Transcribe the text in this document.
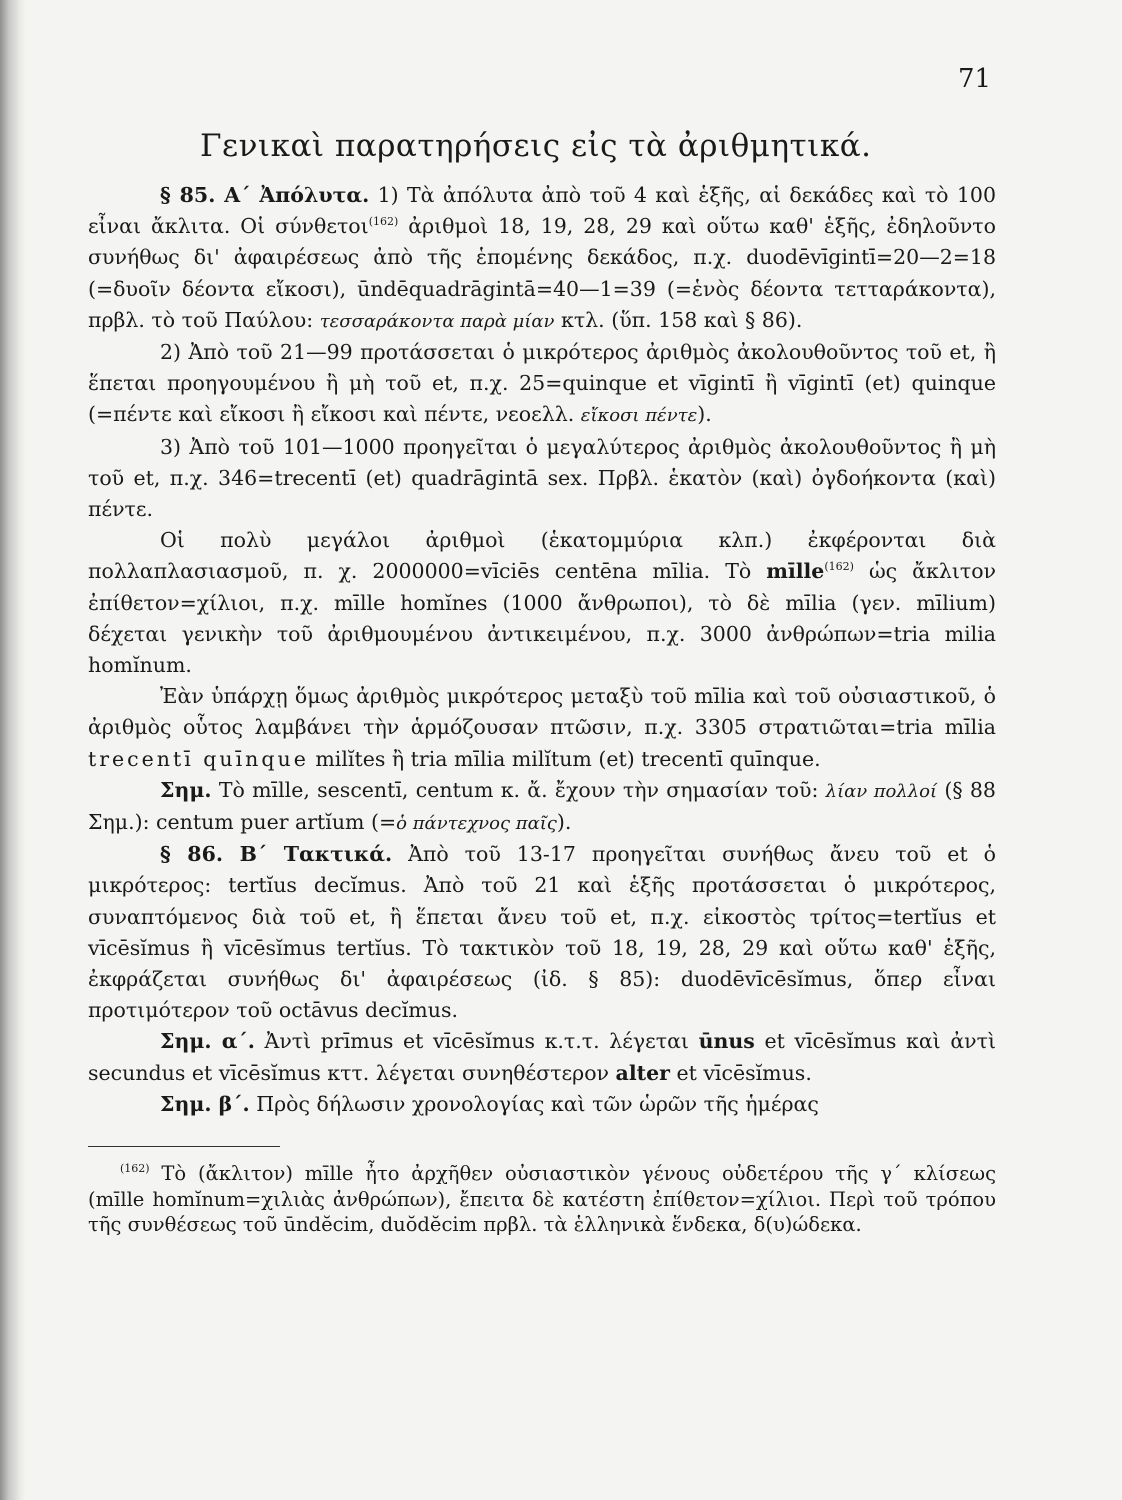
71
Γενικαὶ παρατηρήσεις εἰς τὰ ἀριθμητικά.

§ 85. Α΄ Ἀπόλυτα. 1) Τὰ ἀπόλυτα ἀπὸ τοῦ 4 καὶ ἑξῆς, αἱ δεκάδες καὶ τὸ 100 εἶναι ἄκλιτα. Οἱ σύνθετοι$^{(162)}$ ἀριθμοὶ 18, 19, 28, 29 καὶ οὕτω καθ' ἑξῆς, ἐδηλοῦντο συνήθως δι' ἀφαιρέσεως ἀπὸ τῆς ἑπομένης δεκάδος, π.χ. duodēvīgintī=20—2=18 (=δυοῖν δέοντα εἴκοσι), ūndēquadrāgintā=40—1=39 (=ἑνὸς δέοντα τετταράκοντα), πρβλ. τὸ τοῦ Παύλου: τεσσαράκοντα παρὰ μίαν κτλ. (ὕπ. 158 καὶ § 86).

2) Ἀπὸ τοῦ 21—99 προτάσσεται ὁ μικρότερος ἀριθμὸς ἀκολουθοῦντος τοῦ et, ἢ ἕπεται προηγουμένου ἢ μὴ τοῦ et, π.χ. 25=quinque et vīgintī ἢ vīgintī (et) quinque (=πέντε καὶ εἴκοσι ἢ εἴκοσι καὶ πέντε, νεοελλ. εἴκοσι πέντε).

3) Ἀπὸ τοῦ 101—1000 προηγεῖται ὁ μεγαλύτερος ἀριθμὸς ἀκολουθοῦντος ἢ μὴ τοῦ et, π.χ. 346=trecentī (et) quadrāgintā sex. Πρβλ. ἑκατὸν (καὶ) ὀγδοήκοντα (καὶ) πέντε.

Οἱ πολὺ μεγάλοι ἀριθμοὶ (ἑκατομμύρια κλπ.) ἐκφέρονται διὰ πολλαπλασιασμοῦ, π. χ. 2000000=vīciēs centēna mīlia. Τὸ mīlle$^{(162)}$ ὡς ἄκλιτον ἐπίθετον=χίλιοι, π.χ. mīlle homĭnes (1000 ἄνθρωποι), τὸ δὲ mīlia (γεν. mīlium) δέχεται γενικὴν τοῦ ἀριθμουμένου ἀντικειμένου, π.χ. 3000 ἀνθρώπων=tria milia homĭnum.

Ἐὰν ὑπάρχῃ ὅμως ἀριθμὸς μικρότερος μεταξὺ τοῦ mīlia καὶ τοῦ οὐσιαστικοῦ, ὁ ἀριθμὸς οὗτος λαμβάνει τὴν ἁρμόζουσαν πτῶσιν, π.χ. 3305 στρατιῶται=tria mīlia trecentī quīnque milĭtes ἢ tria mīlia milĭtum (et) trecentī quīnque.

Σημ. Τὸ mīlle, sescentī, centum κ. ἄ. ἔχουν τὴν σημασίαν τοῦ: λίαν πολλοί (§ 88 Σημ.): centum puer artĭum (=ὁ πάντεχνος παῖς).

§ 86. Β΄ Τακτικά. Ἀπὸ τοῦ 13-17 προηγεῖται συνήθως ἄνευ τοῦ et ὁ μικρότερος: tertĭus decĭmus. Ἀπὸ τοῦ 21 καὶ ἑξῆς προτάσσεται ὁ μικρότερος, συναπτόμενος διὰ τοῦ et, ἢ ἕπεται ἄνευ τοῦ et, π.χ. εἰκοστὸς τρίτος=tertĭus et vīcēsĭmus ἢ vīcēsĭmus tertĭus. Τὸ τακτικὸν τοῦ 18, 19, 28, 29 καὶ οὕτω καθ' ἑξῆς, ἐκφράζεται συνήθως δι' ἀφαιρέσεως (ἰδ. § 85): duodēvīcēsĭmus, ὅπερ εἶναι προτιμότερον τοῦ octāvus decĭmus.

Σημ. α΄. Ἀντὶ prīmus et vīcēsĭmus κ.τ.τ. λέγεται ūnus et vīcēsĭmus καὶ ἀντὶ secundus et vīcēsĭmus κττ. λέγεται συνηθέστερον alter et vīcēsĭmus.

Σημ. β΄. Πρὸς δήλωσιν χρονολογίας καὶ τῶν ὡρῶν τῆς ἡμέρας

$^{(162)}$ Τὸ (ἄκλιτον) mīlle ἦτο ἀρχῆθεν οὐσιαστικὸν γένους οὐδετέρου τῆς γ΄ κλίσεως (mīlle homĭnum=χιλιὰς ἀνθρώπων), ἔπειτα δὲ κατέστη ἐπίθετον=χίλιοι. Περὶ τοῦ τρόπου τῆς συνθέσεως τοῦ ūndĕcim, duŏdĕcim πρβλ. τὰ ἑλληνικὰ ἕνδεκα, δ(υ)ώδεκα.
